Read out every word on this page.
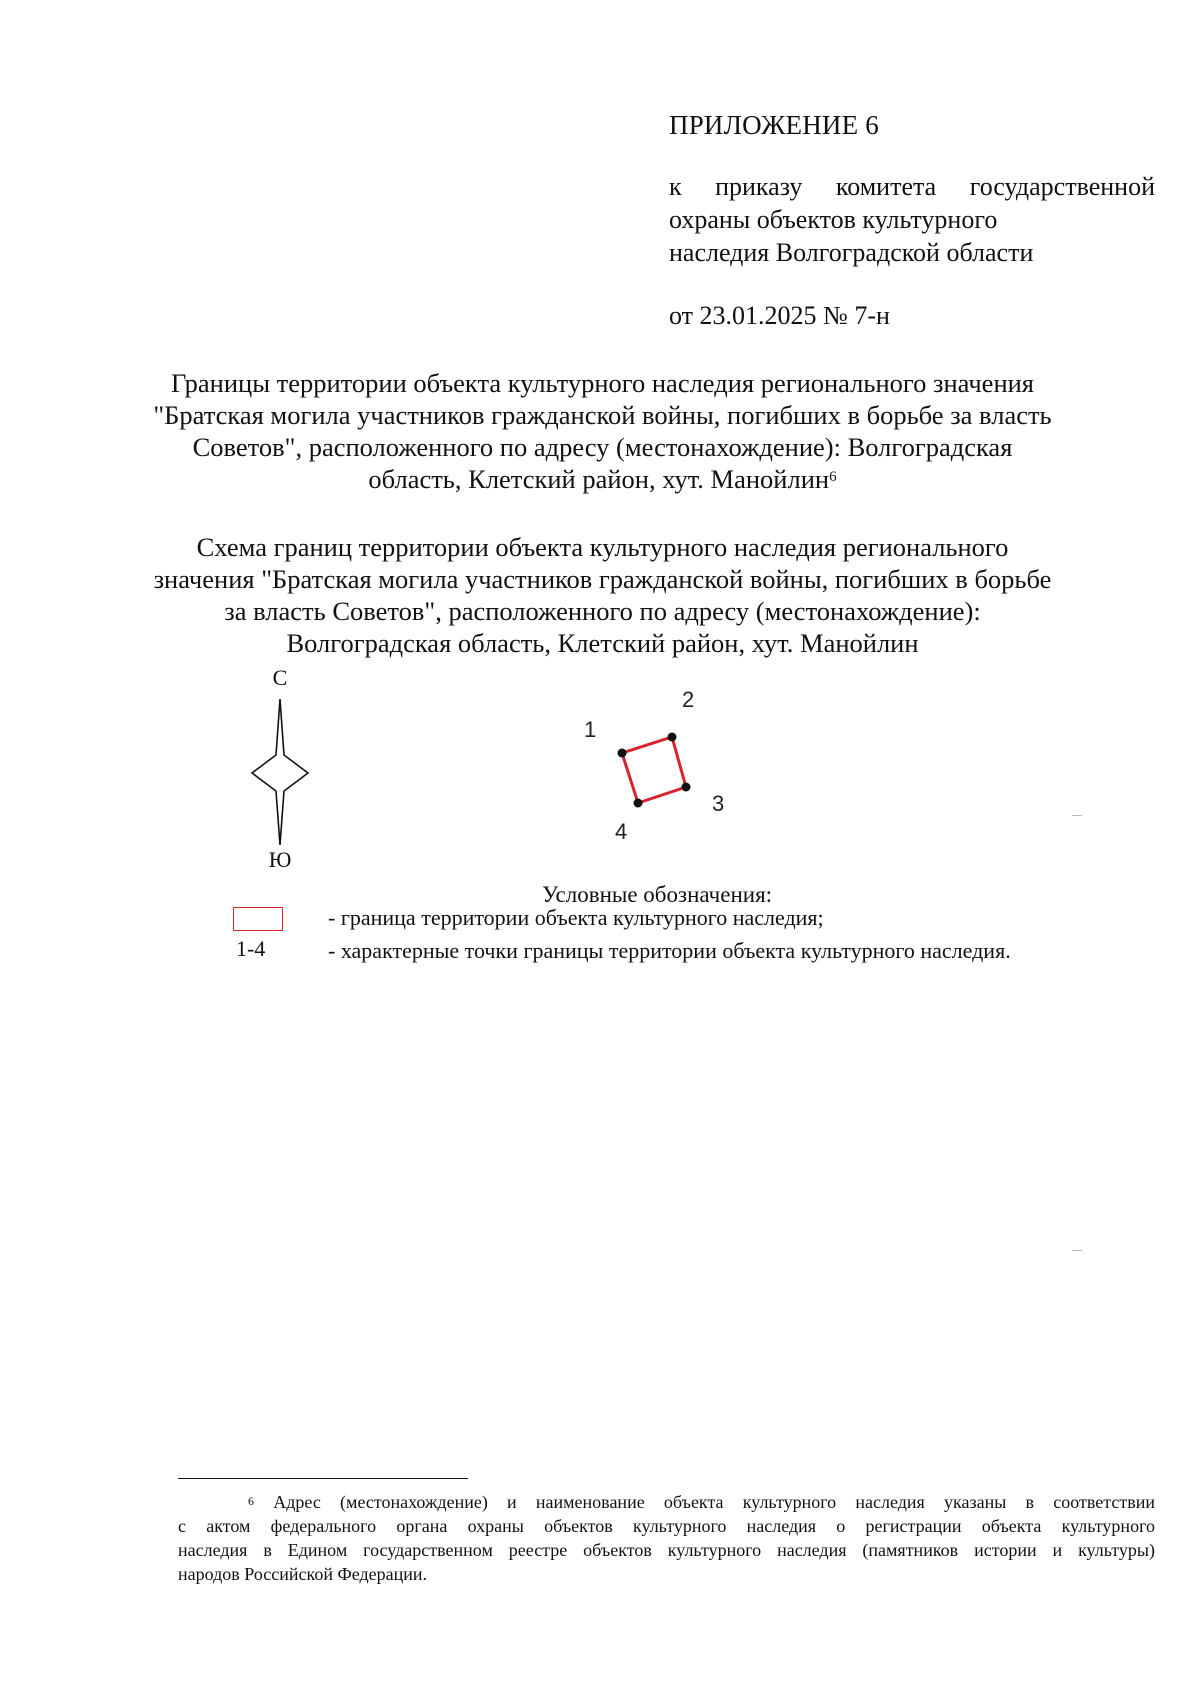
ПРИЛОЖЕНИЕ 6
к приказу комитета государственной
охраны объектов культурного
наследия Волгоградской области
от 23.01.2025 № 7-н
Границы территории объекта культурного наследия регионального значения
"Братская могила участников гражданской войны, погибших в борьбе за власть
Советов", расположенного по адресу (местонахождение): Волгоградская
область, Клетский район, хут. Манойлин$^6$
Схема границ территории объекта культурного наследия регионального
значения "Братская могила участников гражданской войны, погибших в борьбе
за власть Советов", расположенного по адресу (местонахождение):
Волгоградская область, Клетский район, хут. Манойлин
С
Ю
1
2
3
4
Условные обозначения:
1-4
- граница территории объекта культурного наследия;
- характерные точки границы территории объекта культурного наследия.
$^6$ Адрес (местонахождение) и наименование объекта культурного наследия указаны в соответствии
с актом федерального органа охраны объектов культурного наследия о регистрации объекта культурного
наследия в Едином государственном реестре объектов культурного наследия (памятников истории и культуры)
народов Российской Федерации.
